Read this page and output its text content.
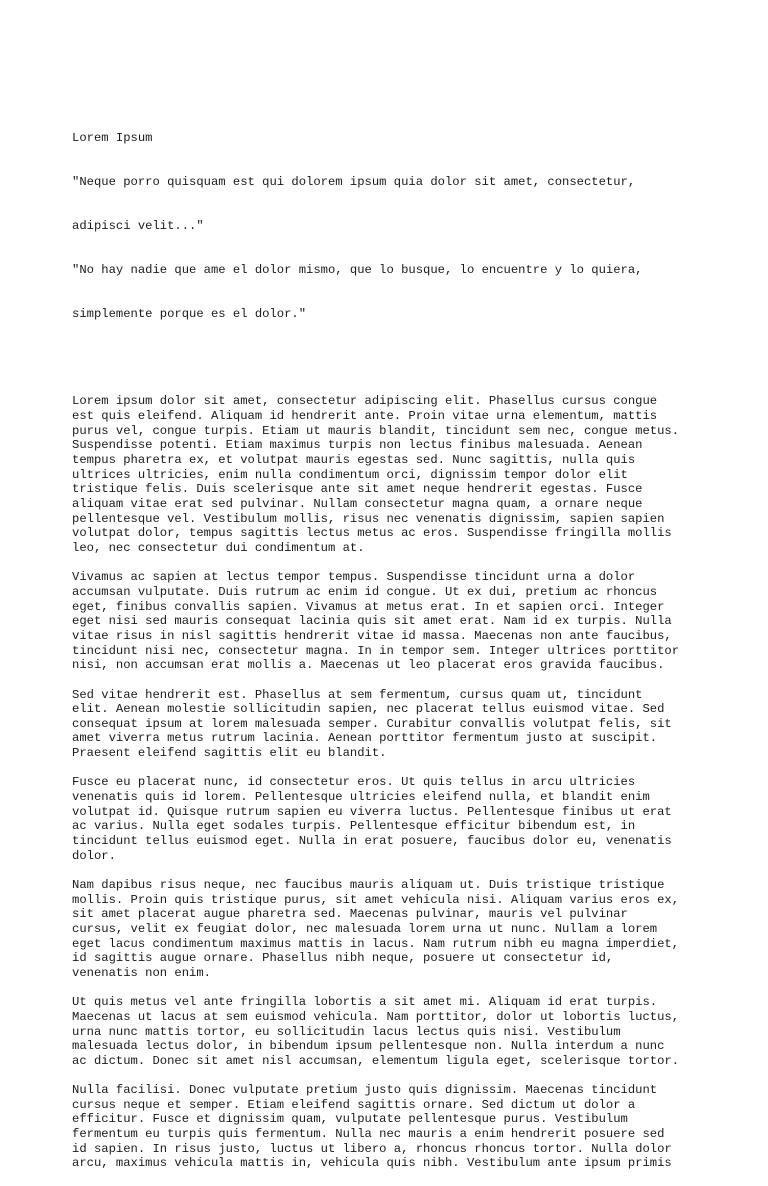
Lorem Ipsum

"Neque porro quisquam est qui dolorem ipsum quia dolor sit amet, consectetur,

adipisci velit..."

"No hay nadie que ame el dolor mismo, que lo busque, lo encuentre y lo quiera,

simplemente porque es el dolor."

Lorem ipsum dolor sit amet, consectetur adipiscing elit. Phasellus cursus congue
est quis eleifend. Aliquam id hendrerit ante. Proin vitae urna elementum, mattis
purus vel, congue turpis. Etiam ut mauris blandit, tincidunt sem nec, congue metus.
Suspendisse potenti. Etiam maximus turpis non lectus finibus malesuada. Aenean
tempus pharetra ex, et volutpat mauris egestas sed. Nunc sagittis, nulla quis
ultrices ultricies, enim nulla condimentum orci, dignissim tempor dolor elit
tristique felis. Duis scelerisque ante sit amet neque hendrerit egestas. Fusce
aliquam vitae erat sed pulvinar. Nullam consectetur magna quam, a ornare neque
pellentesque vel. Vestibulum mollis, risus nec venenatis dignissim, sapien sapien
volutpat dolor, tempus sagittis lectus metus ac eros. Suspendisse fringilla mollis
leo, nec consectetur dui condimentum at.
Vivamus ac sapien at lectus tempor tempus. Suspendisse tincidunt urna a dolor
accumsan vulputate. Duis rutrum ac enim id congue. Ut ex dui, pretium ac rhoncus
eget, finibus convallis sapien. Vivamus at metus erat. In et sapien orci. Integer
eget nisi sed mauris consequat lacinia quis sit amet erat. Nam id ex turpis. Nulla
vitae risus in nisl sagittis hendrerit vitae id massa. Maecenas non ante faucibus,
tincidunt nisi nec, consectetur magna. In in tempor sem. Integer ultrices porttitor
nisi, non accumsan erat mollis a. Maecenas ut leo placerat eros gravida faucibus.
Sed vitae hendrerit est. Phasellus at sem fermentum, cursus quam ut, tincidunt
elit. Aenean molestie sollicitudin sapien, nec placerat tellus euismod vitae. Sed
consequat ipsum at lorem malesuada semper. Curabitur convallis volutpat felis, sit
amet viverra metus rutrum lacinia. Aenean porttitor fermentum justo at suscipit.
Praesent eleifend sagittis elit eu blandit.
Fusce eu placerat nunc, id consectetur eros. Ut quis tellus in arcu ultricies
venenatis quis id lorem. Pellentesque ultricies eleifend nulla, et blandit enim
volutpat id. Quisque rutrum sapien eu viverra luctus. Pellentesque finibus ut erat
ac varius. Nulla eget sodales turpis. Pellentesque efficitur bibendum est, in
tincidunt tellus euismod eget. Nulla in erat posuere, faucibus dolor eu, venenatis
dolor.
Nam dapibus risus neque, nec faucibus mauris aliquam ut. Duis tristique tristique
mollis. Proin quis tristique purus, sit amet vehicula nisi. Aliquam varius eros ex,
sit amet placerat augue pharetra sed. Maecenas pulvinar, mauris vel pulvinar
cursus, velit ex feugiat dolor, nec malesuada lorem urna ut nunc. Nullam a lorem
eget lacus condimentum maximus mattis in lacus. Nam rutrum nibh eu magna imperdiet,
id sagittis augue ornare. Phasellus nibh neque, posuere ut consectetur id,
venenatis non enim.
Ut quis metus vel ante fringilla lobortis a sit amet mi. Aliquam id erat turpis.
Maecenas ut lacus at sem euismod vehicula. Nam porttitor, dolor ut lobortis luctus,
urna nunc mattis tortor, eu sollicitudin lacus lectus quis nisi. Vestibulum
malesuada lectus dolor, in bibendum ipsum pellentesque non. Nulla interdum a nunc
ac dictum. Donec sit amet nisl accumsan, elementum ligula eget, scelerisque tortor.
Nulla facilisi. Donec vulputate pretium justo quis dignissim. Maecenas tincidunt
cursus neque et semper. Etiam eleifend sagittis ornare. Sed dictum ut dolor a
efficitur. Fusce et dignissim quam, vulputate pellentesque purus. Vestibulum
fermentum eu turpis quis fermentum. Nulla nec mauris a enim hendrerit posuere sed
id sapien. In risus justo, luctus ut libero a, rhoncus rhoncus tortor. Nulla dolor
arcu, maximus vehicula mattis in, vehicula quis nibh. Vestibulum ante ipsum primis
